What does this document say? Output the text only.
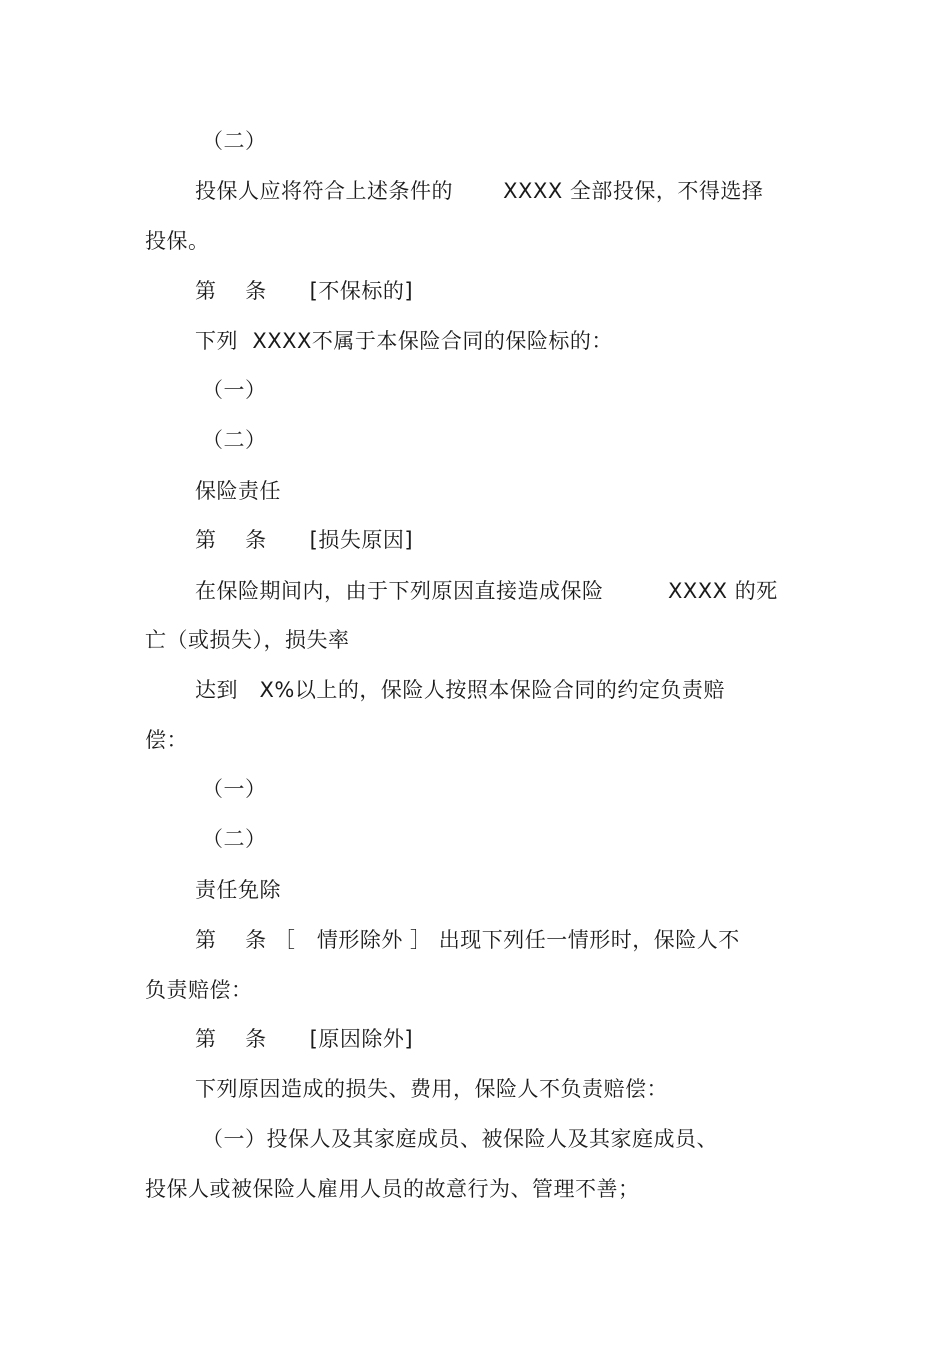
（二）
投保人应将符合上述条件的　　 XXXX 全部投保，不得选择
投保。
第　 条　　[不保标的]
下列  XXXX不属于本保险合同的保险标的：
（一）
（二）
保险责任
第　 条　　[损失原因]
在保险期间内，由于下列原因直接造成保险　　　XXXX 的死
亡（或损失），损失率
达到　X%以上的，保险人按照本保险合同的约定负责赔
偿：
（一）
（二）
责任免除
第　 条 ［　情形除外 ］ 出现下列任一情形时，保险人不
负责赔偿：
第　 条　　[原因除外]
下列原因造成的损失、费用，保险人不负责赔偿：
（一）投保人及其家庭成员、被保险人及其家庭成员、
投保人或被保险人雇用人员的故意行为、管理不善；
